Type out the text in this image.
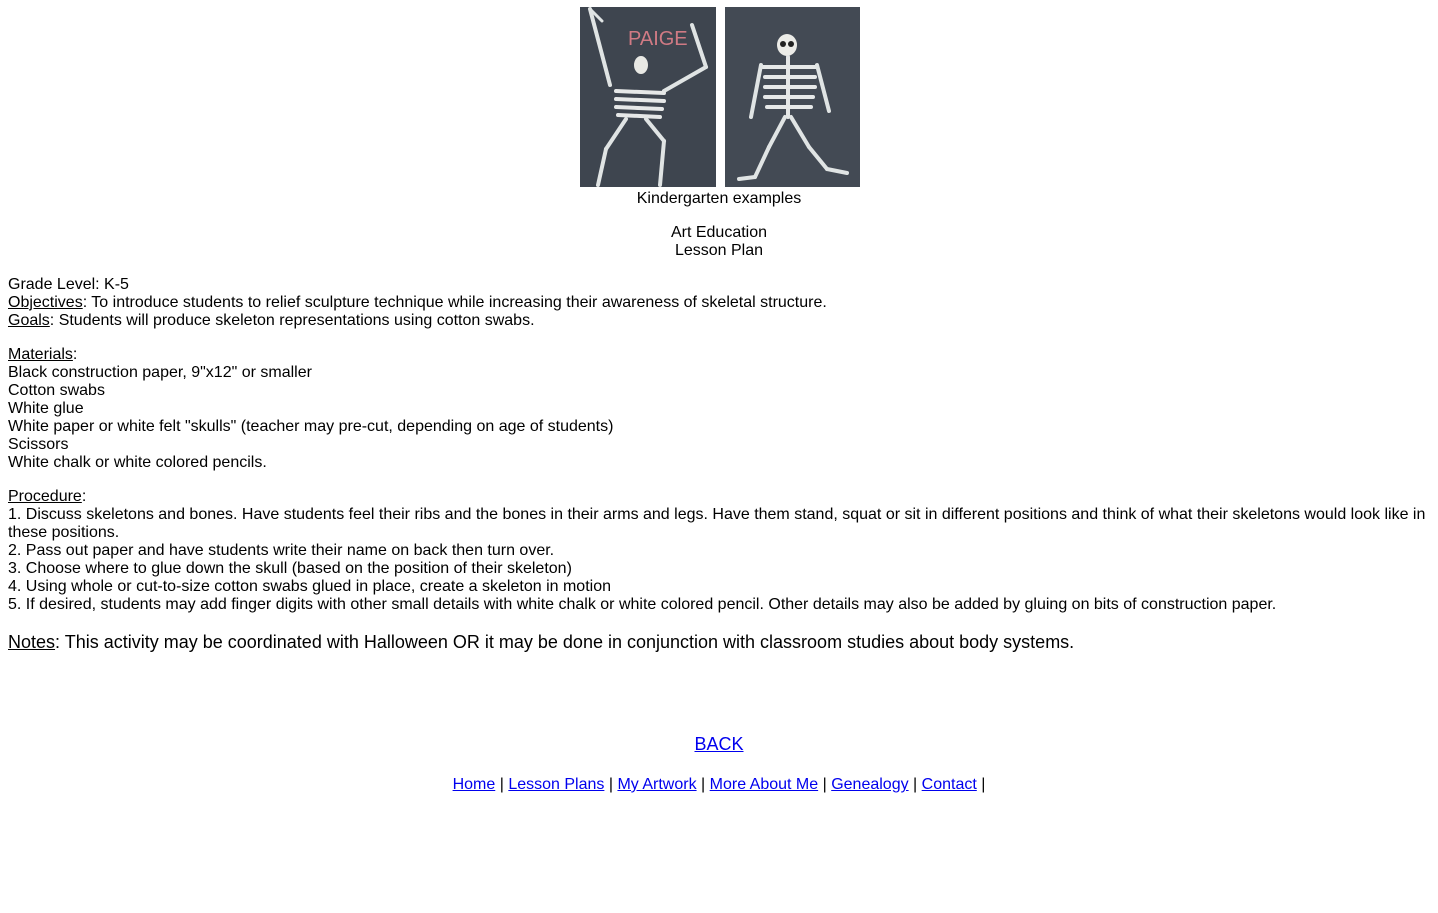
PAIGE
Kindergarten examples
Art Education
Lesson Plan
Grade Level: K-5
Objectives: To introduce students to relief sculpture technique while increasing their awareness of skeletal structure.
Goals: Students will produce skeleton representations using cotton swabs.
Materials:
Black construction paper, 9"x12" or smaller
Cotton swabs
White glue
White paper or white felt "skulls" (teacher may pre-cut, depending on age of students)
Scissors
White chalk or white colored pencils.
Procedure:
1. Discuss skeletons and bones. Have students feel their ribs and the bones in their arms and legs. Have them stand, squat or sit in different positions and think of what their skeletons would look like in these positions.
2. Pass out paper and have students write their name on back then turn over.
3. Choose where to glue down the skull (based on the position of their skeleton)
4. Using whole or cut-to-size cotton swabs glued in place, create a skeleton in motion
5. If desired, students may add finger digits with other small details with white chalk or white colored pencil. Other details may also be added by gluing on bits of construction paper.
Notes: This activity may be coordinated with Halloween OR it may be done in conjunction with classroom studies about body systems.
BACK
Home | Lesson Plans | My Artwork | More About Me | Genealogy | Contact |
